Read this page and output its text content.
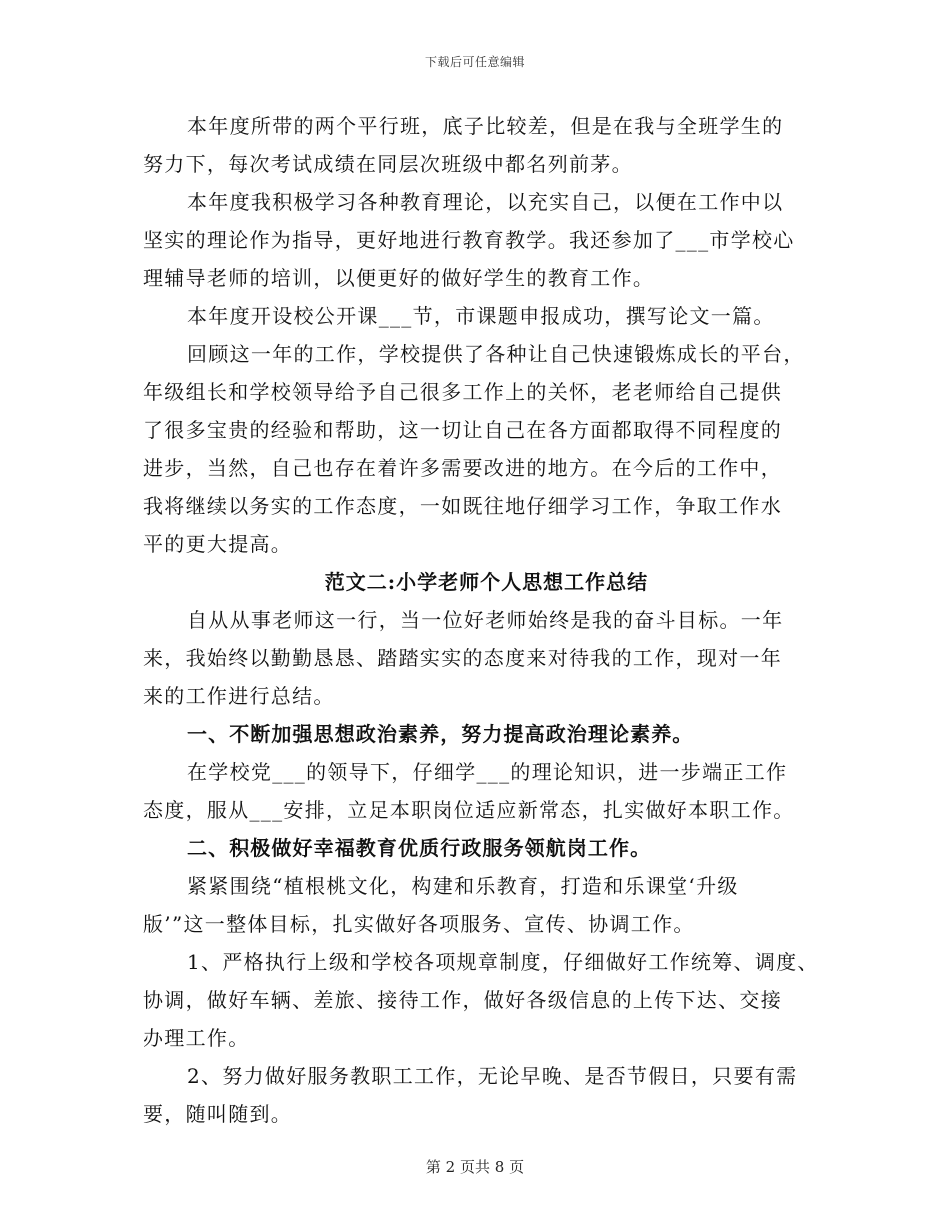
下载后可任意编辑
本年度所带的两个平行班，底子比较差，但是在我与全班学生的
努力下，每次考试成绩在同层次班级中都名列前茅。
本年度我积极学习各种教育理论，以充实自己，以便在工作中以
坚实的理论作为指导，更好地进行教育教学。我还参加了___市学校心
理辅导老师的培训，以便更好的做好学生的教育工作。
本年度开设校公开课___节，市课题申报成功，撰写论文一篇。
回顾这一年的工作，学校提供了各种让自己快速锻炼成长的平台，
年级组长和学校领导给予自己很多工作上的关怀，老老师给自己提供
了很多宝贵的经验和帮助，这一切让自己在各方面都取得不同程度的
进步，当然，自己也存在着许多需要改进的地方。在今后的工作中，
我将继续以务实的工作态度，一如既往地仔细学习工作，争取工作水
平的更大提高。
范文二:小学老师个人思想工作总结
自从从事老师这一行，当一位好老师始终是我的奋斗目标。一年
来，我始终以勤勤恳恳、踏踏实实的态度来对待我的工作，现对一年
来的工作进行总结。
一、不断加强思想政治素养，努力提高政治理论素养。
在学校党___的领导下，仔细学___的理论知识，进一步端正工作
态度，服从___安排，立足本职岗位适应新常态，扎实做好本职工作。
二、积极做好幸福教育优质行政服务领航岗工作。
紧紧围绕“植根桃文化，构建和乐教育，打造和乐课堂‘升级
版’”这一整体目标，扎实做好各项服务、宣传、协调工作。
1、严格执行上级和学校各项规章制度，仔细做好工作统筹、调度、
协调，做好车辆、差旅、接待工作，做好各级信息的上传下达、交接
办理工作。
2、努力做好服务教职工工作，无论早晚、是否节假日，只要有需
要，随叫随到。
第 2 页共 8 页
